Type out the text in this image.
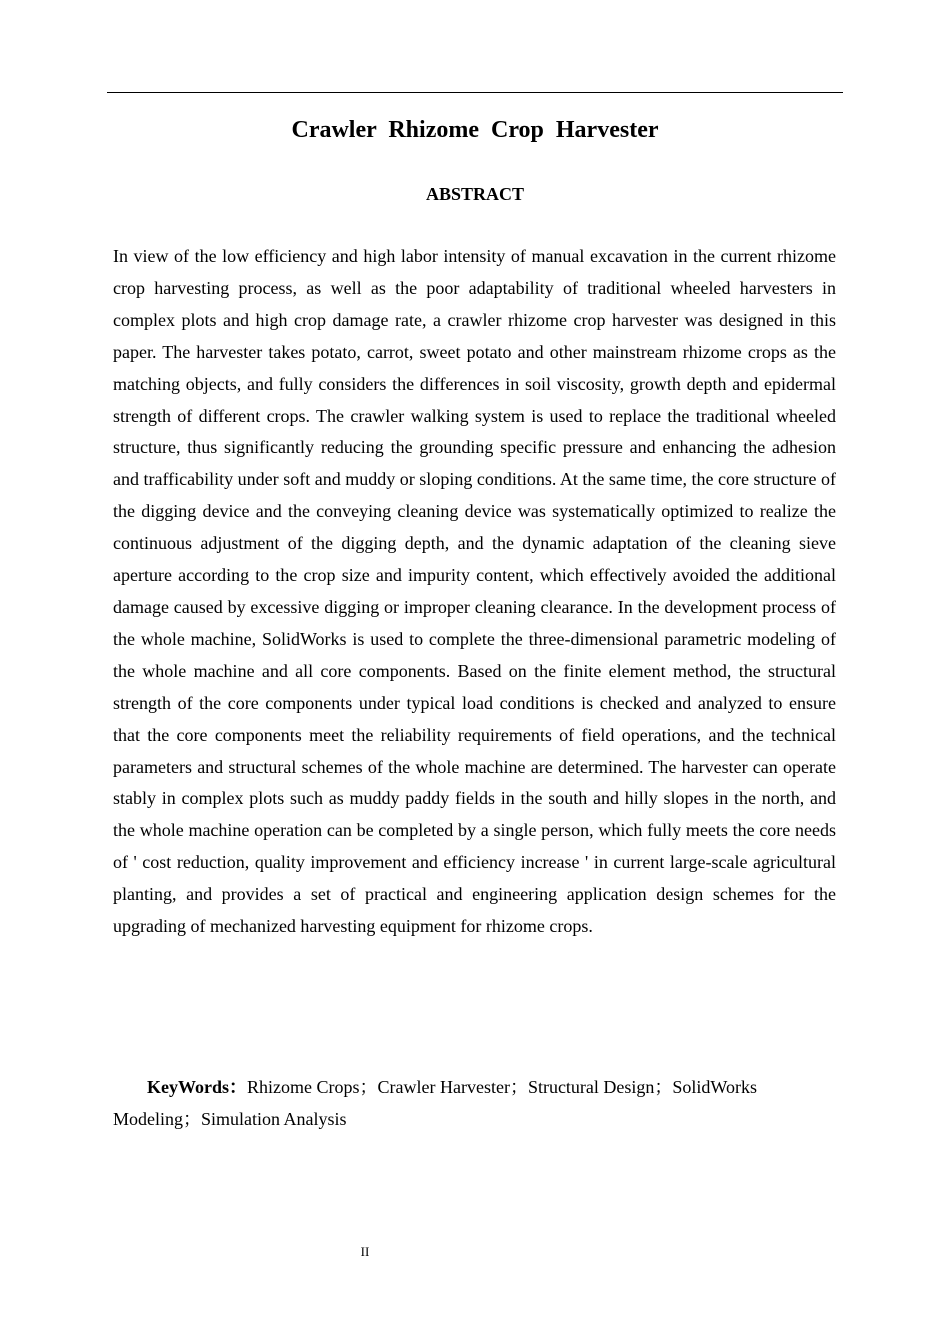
Crawler Rhizome Crop Harvester
ABSTRACT

In view of the low efficiency and high labor intensity of manual excavation in the current rhizome crop harvesting process, as well as the poor adaptability of traditional wheeled harvesters in complex plots and high crop damage rate, a crawler rhizome crop harvester was designed in this paper. The harvester takes potato, carrot, sweet potato and other mainstream rhizome crops as the matching objects, and fully considers the differences in soil viscosity, growth depth and epidermal strength of different crops. The crawler walking system is used to replace the traditional wheeled structure, thus significantly reducing the grounding specific pressure and enhancing the adhesion and trafficability under soft and muddy or sloping conditions. At the same time, the core structure of the digging device and the conveying cleaning device was systematically optimized to realize the continuous adjustment of the digging depth, and the dynamic adaptation of the cleaning sieve aperture according to the crop size and impurity content, which effectively avoided the additional damage caused by excessive digging or improper cleaning clearance. In the development process of the whole machine, SolidWorks is used to complete the three-dimensional parametric modeling of the whole machine and all core components. Based on the finite element method, the structural strength of the core components under typical load conditions is checked and analyzed to ensure that the core components meet the reliability requirements of field operations, and the technical parameters and structural schemes of the whole machine are determined. The harvester can operate stably in complex plots such as muddy paddy fields in the south and hilly slopes in the north, and the whole machine operation can be completed by a single person, which fully meets the core needs of ' cost reduction, quality improvement and efficiency increase ' in current large-scale agricultural planting, and provides a set of practical and engineering application design schemes for the upgrading of mechanized harvesting equipment for rhizome crops.

KeyWords：Rhizome Crops；Crawler Harvester；Structural Design；SolidWorks Modeling；Simulation Analysis

II
